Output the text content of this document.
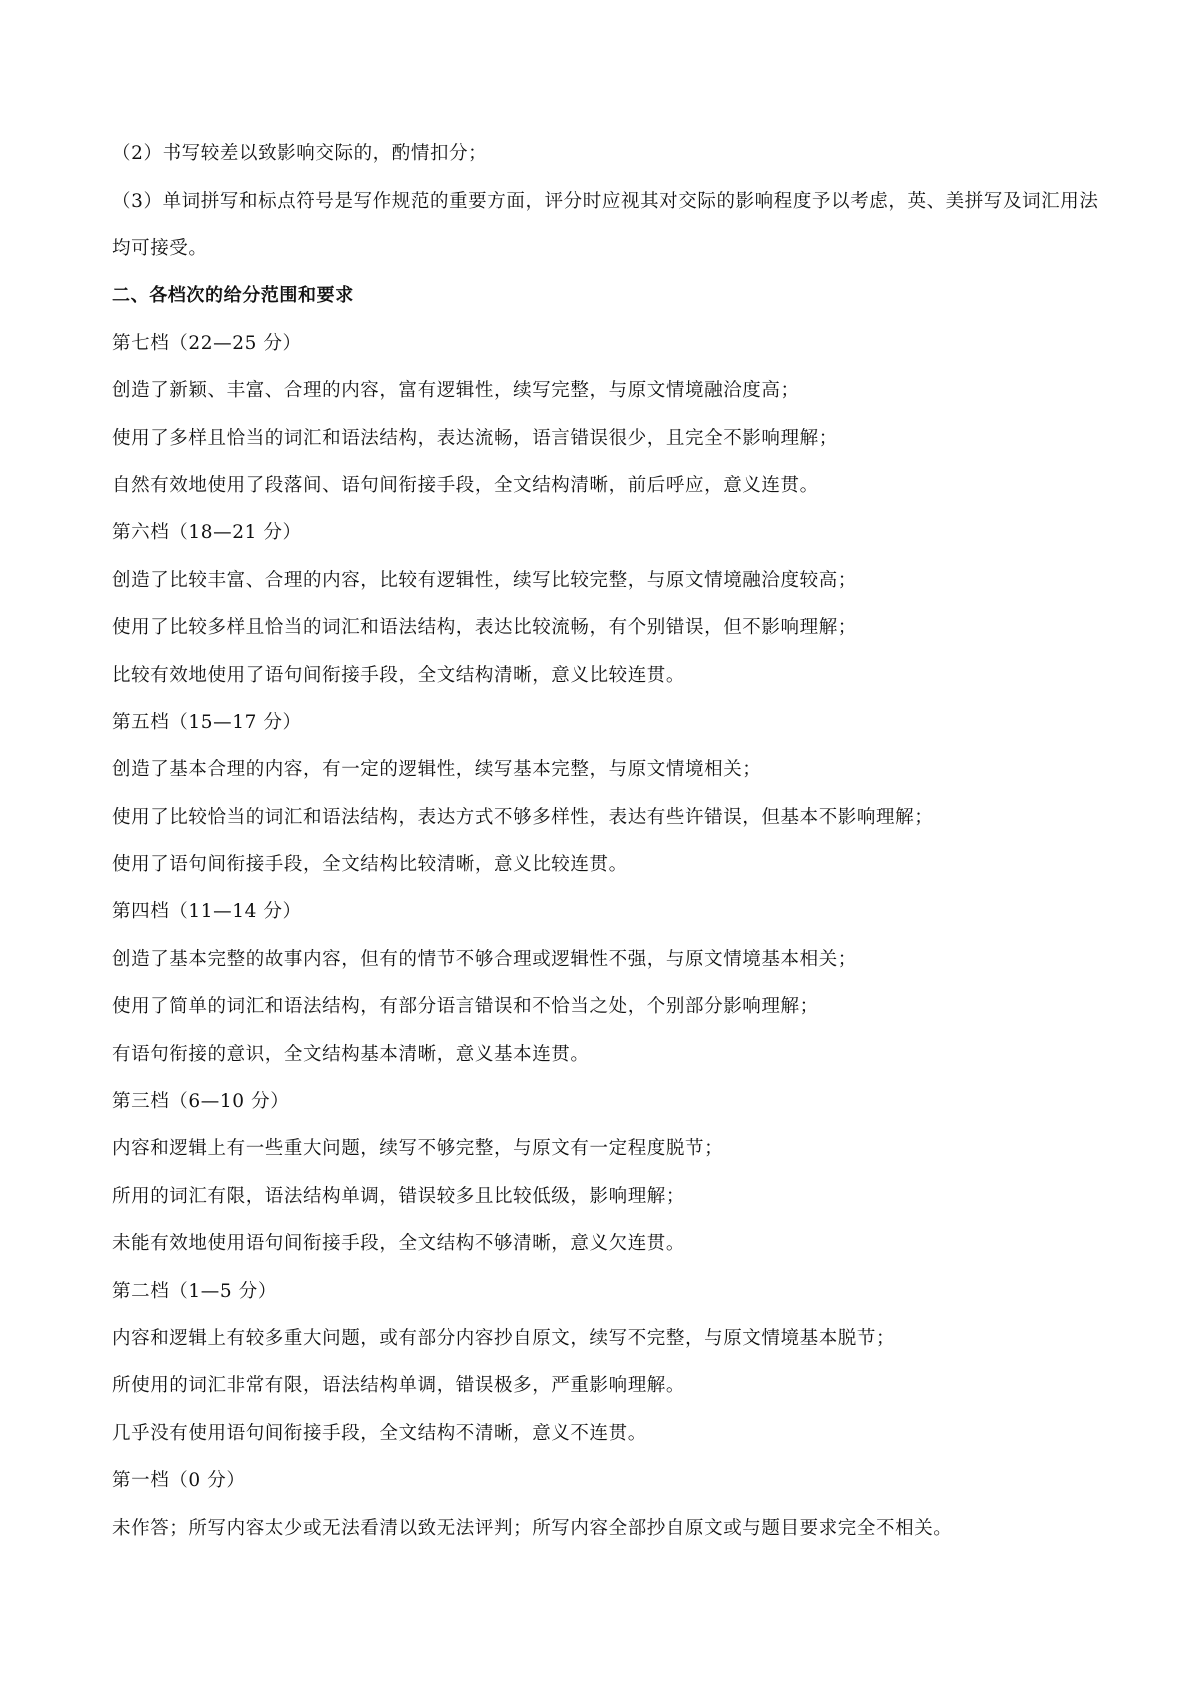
（2）书写较差以致影响交际的，酌情扣分；

（3）单词拼写和标点符号是写作规范的重要方面，评分时应视其对交际的影响程度予以考虑，英、美拼写及词汇用法均可接受。

二、各档次的给分范围和要求

第七档（22—25 分）

创造了新颖、丰富、合理的内容，富有逻辑性，续写完整，与原文情境融洽度高；

使用了多样且恰当的词汇和语法结构，表达流畅，语言错误很少，且完全不影响理解；

自然有效地使用了段落间、语句间衔接手段，全文结构清晰，前后呼应，意义连贯。

第六档（18—21 分）

创造了比较丰富、合理的内容，比较有逻辑性，续写比较完整，与原文情境融洽度较高；

使用了比较多样且恰当的词汇和语法结构，表达比较流畅，有个别错误，但不影响理解；

比较有效地使用了语句间衔接手段，全文结构清晰，意义比较连贯。

第五档（15—17 分）

创造了基本合理的内容，有一定的逻辑性，续写基本完整，与原文情境相关；

使用了比较恰当的词汇和语法结构，表达方式不够多样性，表达有些许错误，但基本不影响理解；

使用了语句间衔接手段，全文结构比较清晰，意义比较连贯。

第四档（11—14 分）

创造了基本完整的故事内容，但有的情节不够合理或逻辑性不强，与原文情境基本相关；

使用了简单的词汇和语法结构，有部分语言错误和不恰当之处，个别部分影响理解；

有语句衔接的意识，全文结构基本清晰，意义基本连贯。

第三档（6—10 分）

内容和逻辑上有一些重大问题，续写不够完整，与原文有一定程度脱节；

所用的词汇有限，语法结构单调，错误较多且比较低级，影响理解；

未能有效地使用语句间衔接手段，全文结构不够清晰，意义欠连贯。

第二档（1—5 分）

内容和逻辑上有较多重大问题，或有部分内容抄自原文，续写不完整，与原文情境基本脱节；

所使用的词汇非常有限，语法结构单调，错误极多，严重影响理解。

几乎没有使用语句间衔接手段，全文结构不清晰，意义不连贯。

第一档（0 分）

未作答；所写内容太少或无法看清以致无法评判；所写内容全部抄自原文或与题目要求完全不相关。
